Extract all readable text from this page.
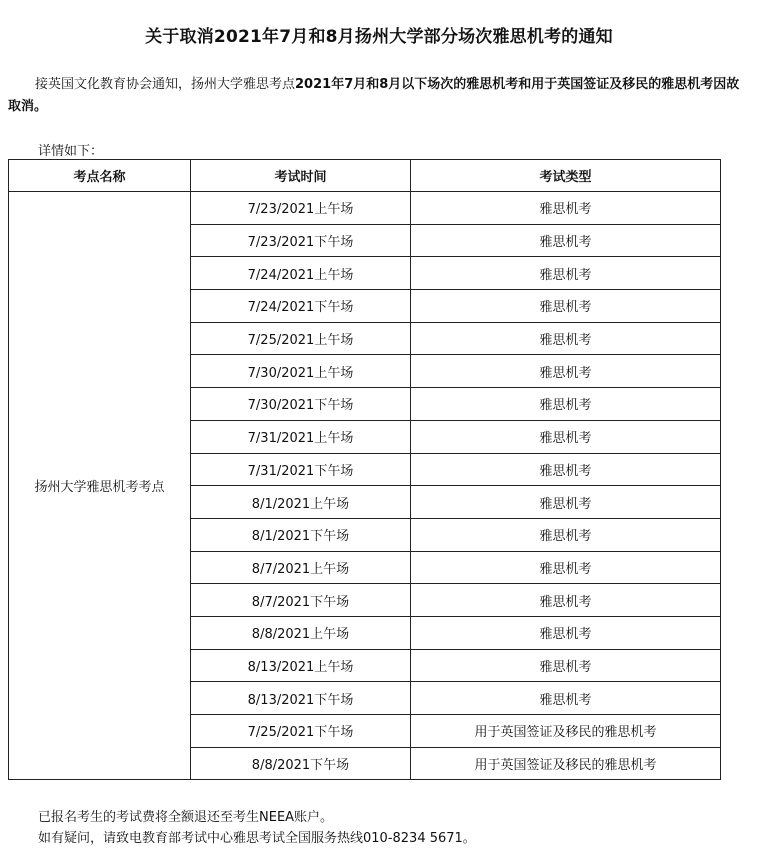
关于取消2021年7月和8月扬州大学部分场次雅思机考的通知
接英国文化教育协会通知，扬州大学雅思考点2021年7月和8月以下场次的雅思机考和用于英国签证及移民的雅思机考因故取消。
详情如下：
考点名称	考试时间	考试类型
扬州大学雅思机考考点	7/23/2021上午场	雅思机考
	7/23/2021下午场	雅思机考
	7/24/2021上午场	雅思机考
	7/24/2021下午场	雅思机考
	7/25/2021上午场	雅思机考
	7/30/2021上午场	雅思机考
	7/30/2021下午场	雅思机考
	7/31/2021上午场	雅思机考
	7/31/2021下午场	雅思机考
	8/1/2021上午场	雅思机考
	8/1/2021下午场	雅思机考
	8/7/2021上午场	雅思机考
	8/7/2021下午场	雅思机考
	8/8/2021上午场	雅思机考
	8/13/2021上午场	雅思机考
	8/13/2021下午场	雅思机考
	7/25/2021下午场	用于英国签证及移民的雅思机考
	8/8/2021下午场	用于英国签证及移民的雅思机考
已报名考生的考试费将全额退还至考生NEEA账户。
如有疑问，请致电教育部考试中心雅思考试全国服务热线010-8234 5671。
